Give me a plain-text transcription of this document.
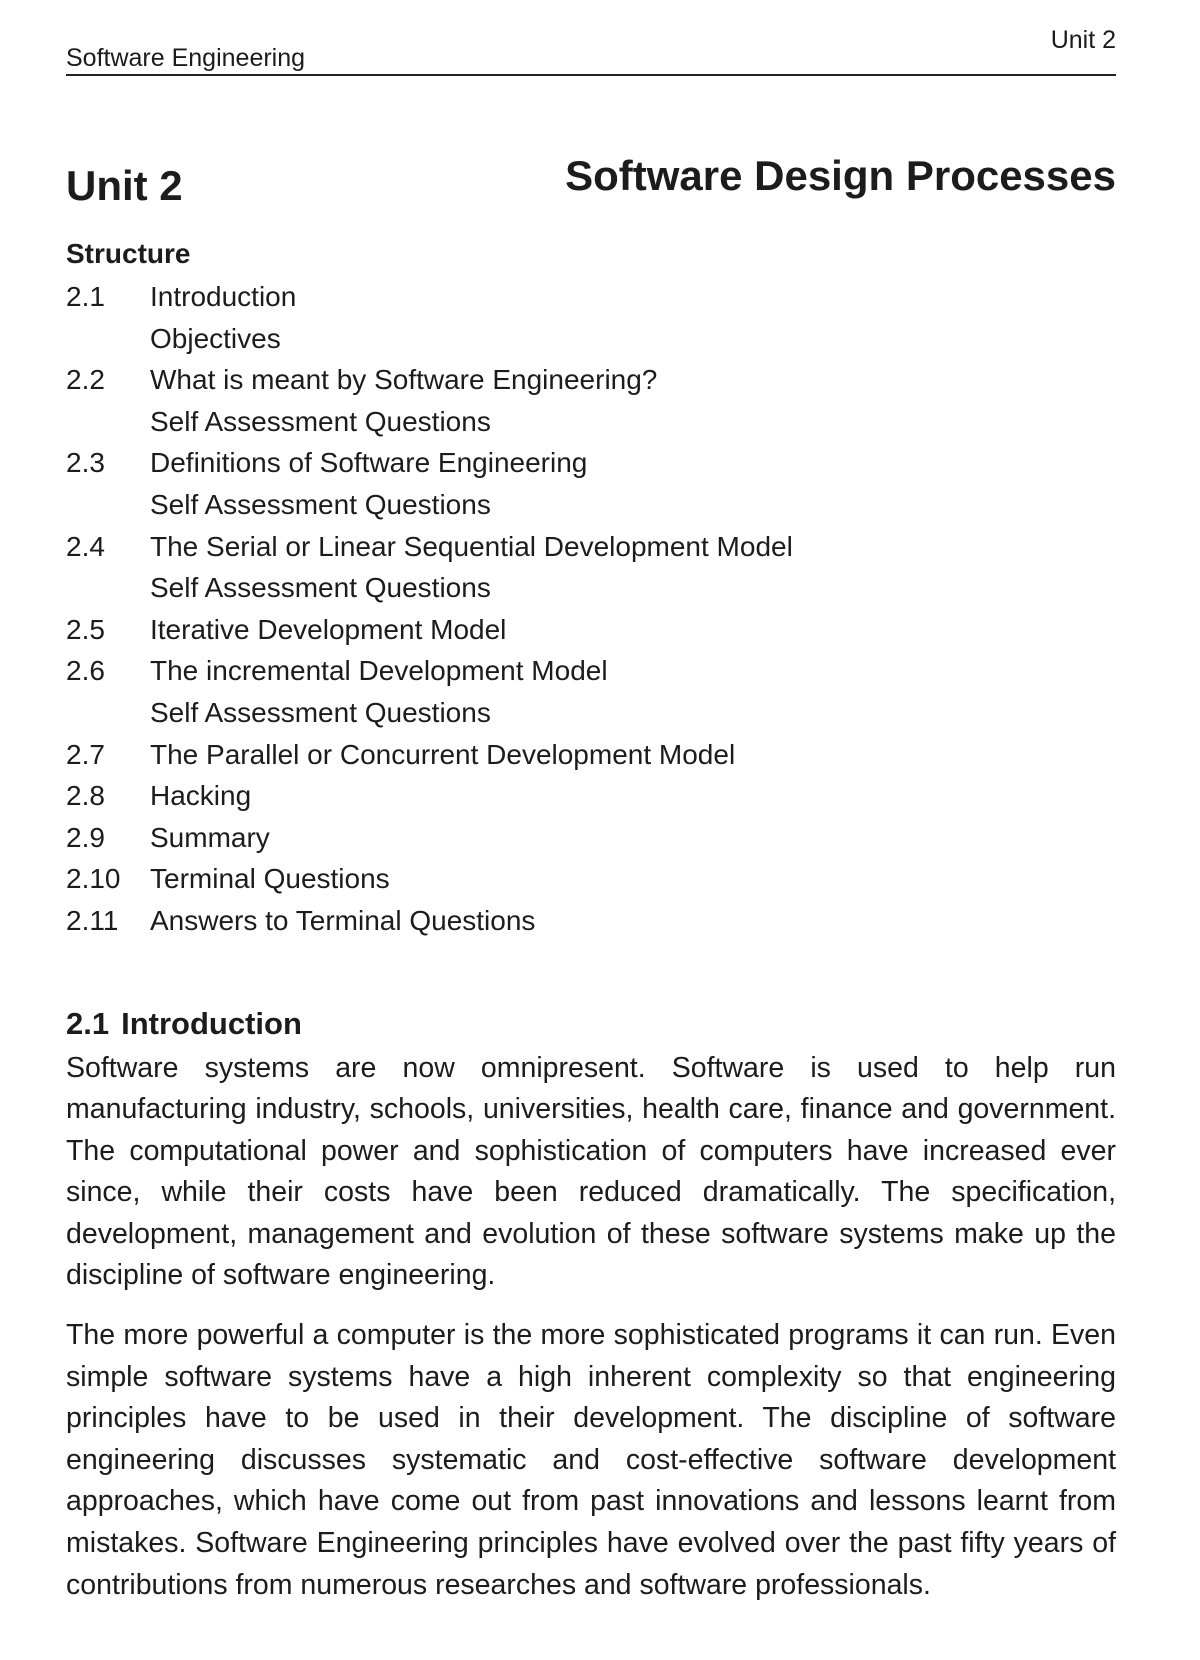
Software Engineering
Unit 2
Unit 2	Software Design Processes
Structure
2.1	Introduction
Objectives
2.2	What is meant by Software Engineering?
Self Assessment Questions
2.3	Definitions of Software Engineering
Self Assessment Questions
2.4	The Serial or Linear Sequential Development Model
Self Assessment Questions
2.5	Iterative Development Model
2.6	The incremental Development Model
Self Assessment Questions
2.7	The Parallel or Concurrent Development Model
2.8	Hacking
2.9	Summary
2.10	Terminal Questions
2.11	Answers to Terminal Questions
2.1 Introduction

Software systems are now omnipresent. Software is used to help run manufacturing industry, schools, universities, health care, finance and government. The computational power and sophistication of computers have increased ever since, while their costs have been reduced dramatically. The specification, development, management and evolution of these software systems make up the discipline of software engineering.

The more powerful a computer is the more sophisticated programs it can run. Even simple software systems have a high inherent complexity so that engineering principles have to be used in their development. The discipline of software engineering discusses systematic and cost-effective software development approaches, which have come out from past innovations and lessons learnt from mistakes. Software Engineering principles have evolved over the past fifty years of contributions from numerous researches and software professionals.
